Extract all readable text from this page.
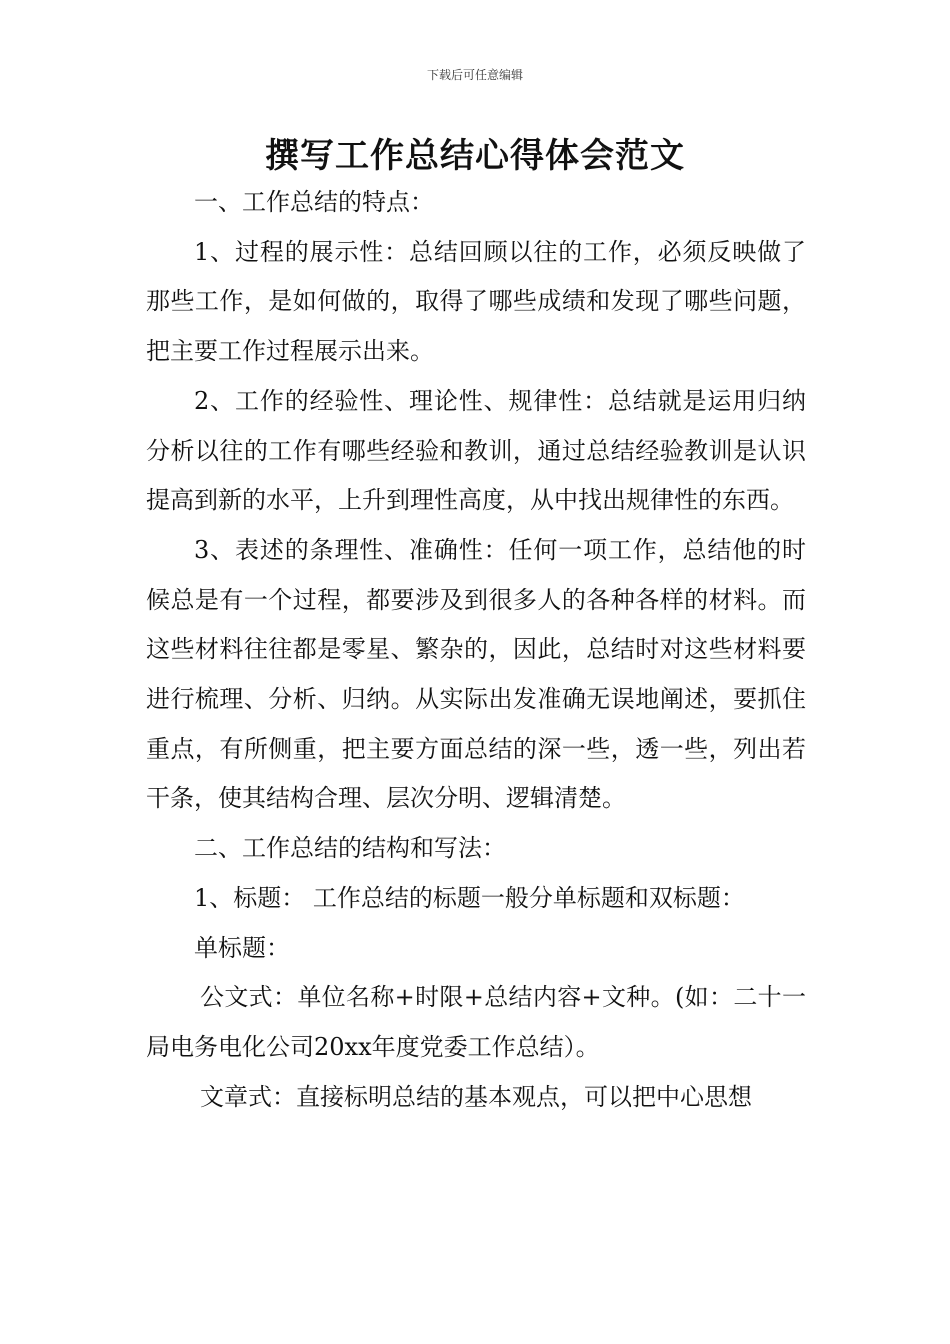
下载后可任意编辑
撰写工作总结心得体会范文

一、工作总结的特点：

1、过程的展示性：总结回顾以往的工作，必须反映做了那些工作，是如何做的，取得了哪些成绩和发现了哪些问题，把主要工作过程展示出来。

2、工作的经验性、理论性、规律性：总结就是运用归纳分析以往的工作有哪些经验和教训，通过总结经验教训是认识提高到新的水平，上升到理性高度，从中找出规律性的东西。

3、表述的条理性、准确性：任何一项工作，总结他的时候总是有一个过程，都要涉及到很多人的各种各样的材料。而这些材料往往都是零星、繁杂的，因此，总结时对这些材料要进行梳理、分析、归纳。从实际出发准确无误地阐述，要抓住重点，有所侧重，把主要方面总结的深一些，透一些，列出若干条，使其结构合理、层次分明、逻辑清楚。

二、工作总结的结构和写法：

1、标题： 工作总结的标题一般分单标题和双标题：

单标题：

公文式：单位名称+时限+总结内容+文种。(如：二十一局电务电化公司20xx年度党委工作总结）。

文章式：直接标明总结的基本观点，可以把中心思想
